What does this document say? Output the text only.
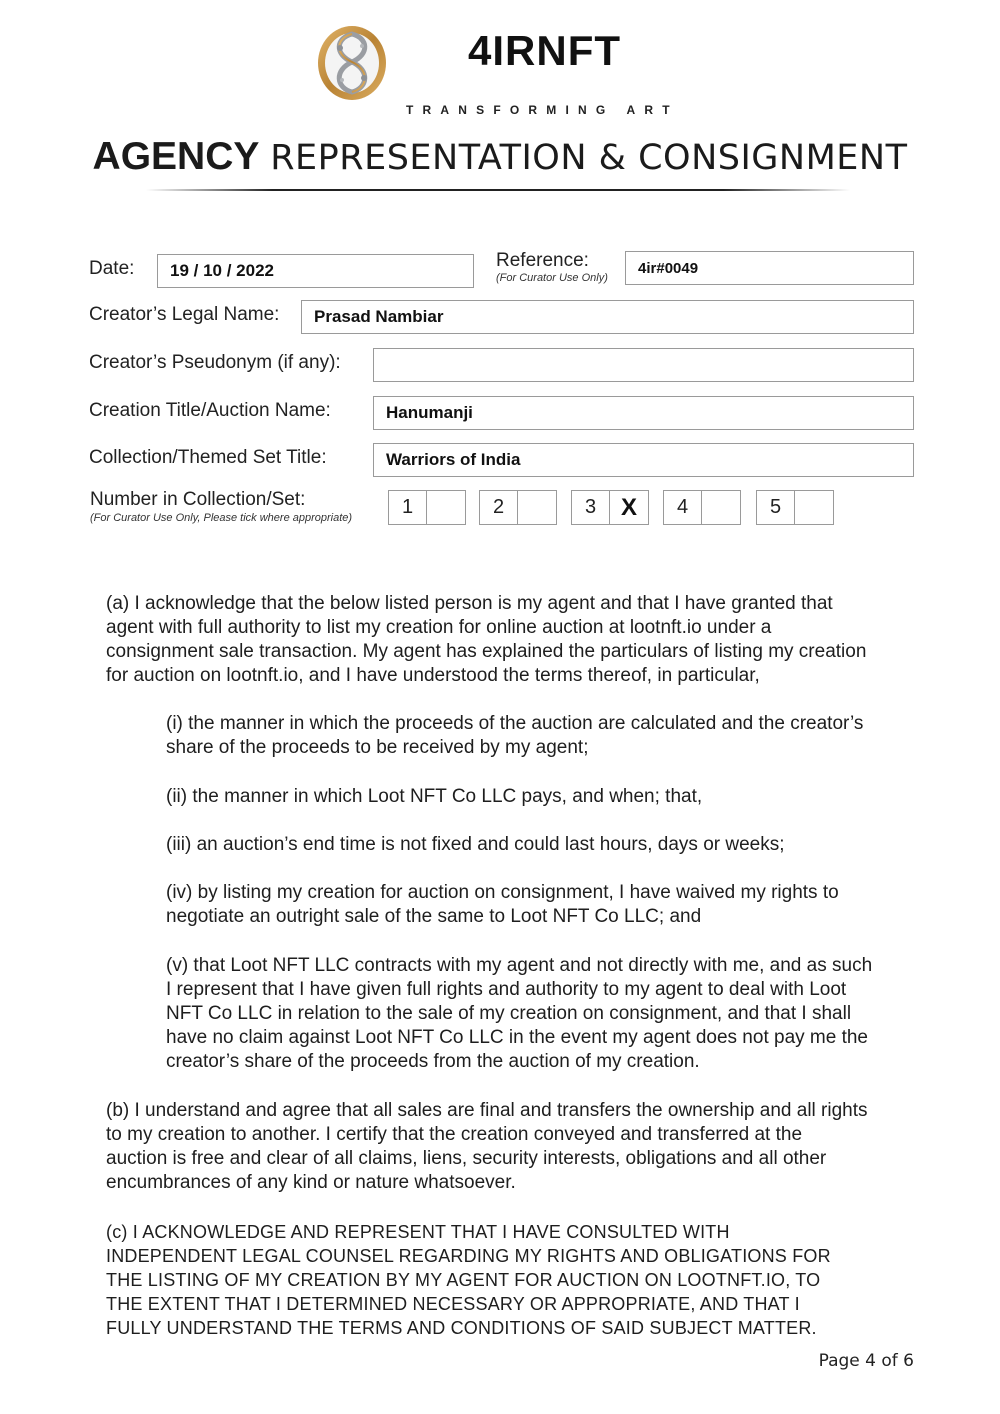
4IRNFT
TRANSFORMING ART
AGENCY REPRESENTATION & CONSIGNMENT
Date:	19 / 10 / 2022	Reference:
(For Curator Use Only)
4ir#0049
Creator’s Legal Name:	Prasad Nambiar
Creator’s Pseudonym (if any):
Creation Title/Auction Name:	Hanumanji
Collection/Themed Set Title:	Warriors of India
Number in Collection/Set:
(For Curator Use Only, Please tick where appropriate)	1	2	3	X	4	5
(a) I acknowledge that the below listed person is my agent and that I have granted that
agent with full authority to list my creation for online auction at lootnft.io under a
consignment sale transaction. My agent has explained the particulars of listing my creation
for auction on lootnft.io, and I have understood the terms thereof, in particular,
(i) the manner in which the proceeds of the auction are calculated and the creator’s
share of the proceeds to be received by my agent;
(ii) the manner in which Loot NFT Co LLC pays, and when; that,
(iii) an auction’s end time is not fixed and could last hours, days or weeks;
(iv) by listing my creation for auction on consignment, I have waived my rights to
negotiate an outright sale of the same to Loot NFT Co LLC; and
(v) that Loot NFT LLC contracts with my agent and not directly with me, and as such
I represent that I have given full rights and authority to my agent to deal with Loot
NFT Co LLC in relation to the sale of my creation on consignment, and that I shall
have no claim against Loot NFT Co LLC in the event my agent does not pay me the
creator’s share of the proceeds from the auction of my creation.
(b) I understand and agree that all sales are final and transfers the ownership and all rights
to my creation to another. I certify that the creation conveyed and transferred at the
auction is free and clear of all claims, liens, security interests, obligations and all other
encumbrances of any kind or nature whatsoever.
(c) I ACKNOWLEDGE AND REPRESENT THAT I HAVE CONSULTED WITH
INDEPENDENT LEGAL COUNSEL REGARDING MY RIGHTS AND OBLIGATIONS FOR
THE LISTING OF MY CREATION BY MY AGENT FOR AUCTION ON LOOTNFT.IO, TO
THE EXTENT THAT I DETERMINED NECESSARY OR APPROPRIATE, AND THAT I
FULLY UNDERSTAND THE TERMS AND CONDITIONS OF SAID SUBJECT MATTER.
Page 4 of 6
